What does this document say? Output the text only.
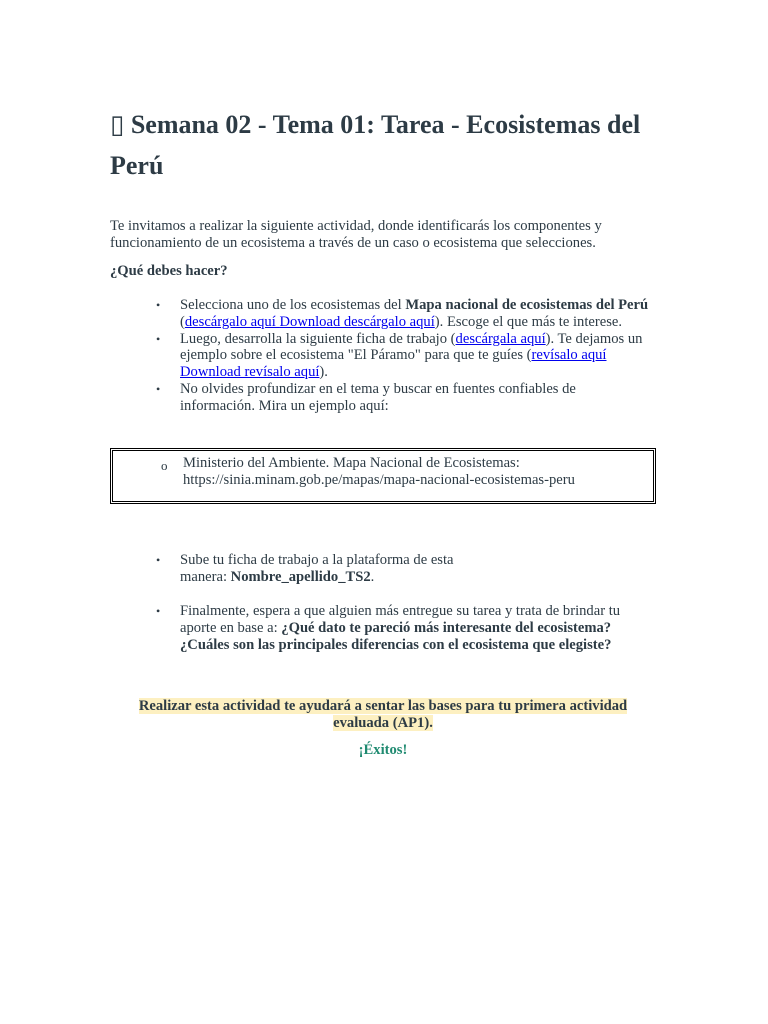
▯ Semana 02 - Tema 01: Tarea - Ecosistemas del Perú

Te invitamos a realizar la siguiente actividad, donde identificarás los componentes y funcionamiento de un ecosistema a través de un caso o ecosistema que selecciones.

¿Qué debes hacer?

• Selecciona uno de los ecosistemas del Mapa nacional de ecosistemas del Perú (descárgalo aquí Download descárgalo aquí). Escoge el que más te interese.
• Luego, desarrolla la siguiente ficha de trabajo (descárgala aquí). Te dejamos un ejemplo sobre el ecosistema "El Páramo" para que te guíes (revísalo aquí Download revísalo aquí).
• No olvides profundizar en el tema y buscar en fuentes confiables de información. Mira un ejemplo aquí:
o Ministerio del Ambiente. Mapa Nacional de Ecosistemas:
https://sinia.minam.gob.pe/mapas/mapa-nacional-ecosistemas-peru
• Sube tu ficha de trabajo a la plataforma de esta
manera: Nombre_apellido_TS2.
• Finalmente, espera a que alguien más entregue su tarea y trata de brindar tu aporte en base a: ¿Qué dato te pareció más interesante del ecosistema? ¿Cuáles son las principales diferencias con el ecosistema que elegiste?

Realizar esta actividad te ayudará a sentar las bases para tu primera actividad evaluada (AP1).

¡Éxitos!
